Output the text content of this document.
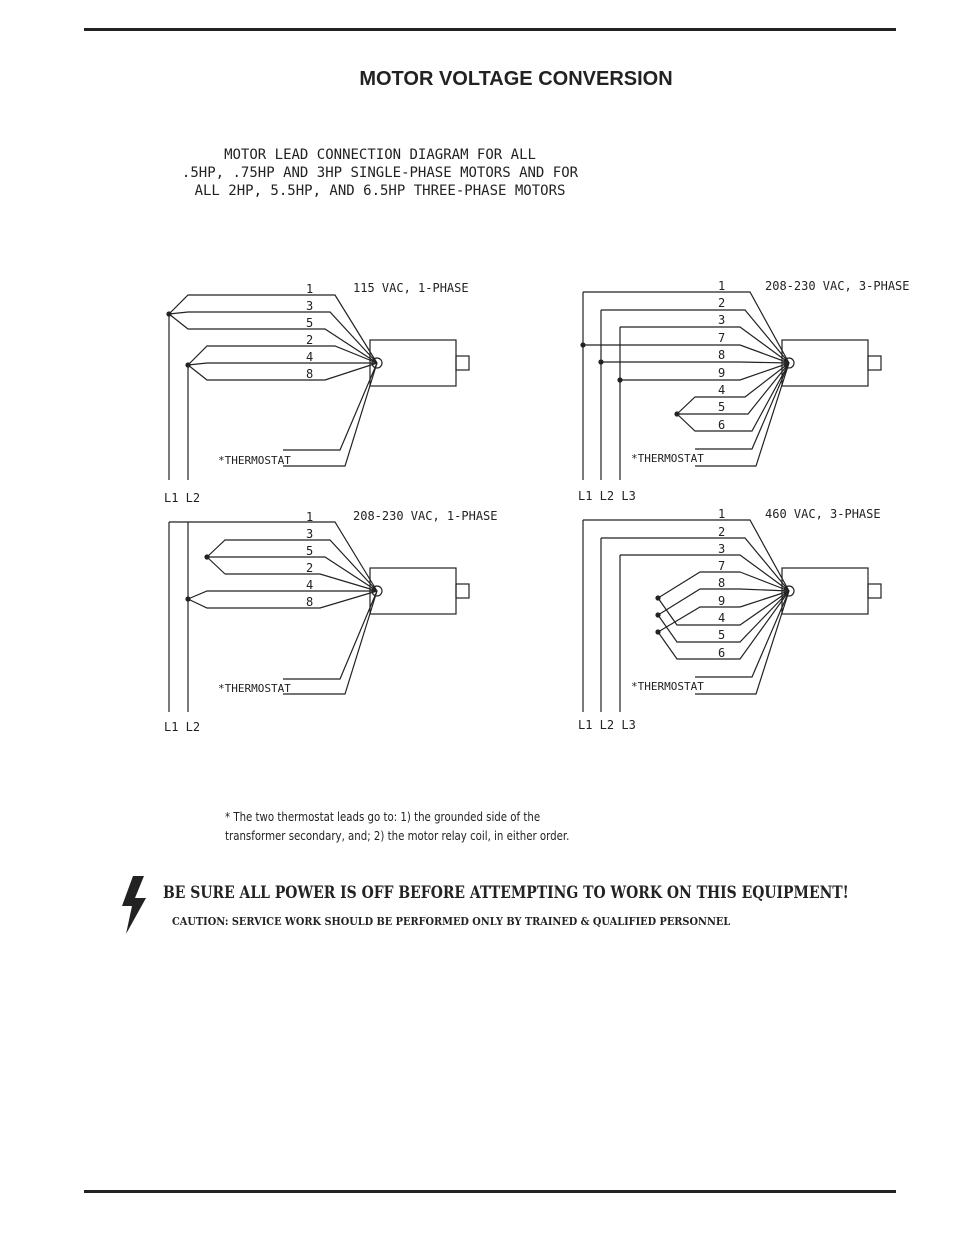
MOTOR VOLTAGE CONVERSION
MOTOR LEAD CONNECTION DIAGRAM FOR ALL
.5HP, .75HP AND 3HP SINGLE-PHASE MOTORS AND FOR
ALL 2HP, 5.5HP, AND 6.5HP THREE-PHASE MOTORS
1
3
5
2
4
8
115 VAC, 1-PHASE
*THERMOSTAT
L1 L2
1
2
3
7
8
9
4
5
6
208-230 VAC, 3-PHASE
*THERMOSTAT
L1 L2 L3
1
3
5
2
4
8
208-230 VAC, 1-PHASE
*THERMOSTAT
L1 L2
1
2
3
7
8
9
4
5
6
460 VAC, 3-PHASE
*THERMOSTAT
L1 L2 L3
* The two thermostat leads go to: 1) the grounded side of the
transformer secondary, and; 2) the motor relay coil, in either order.
BE SURE ALL POWER IS OFF BEFORE ATTEMPTING TO WORK ON THIS EQUIPMENT!
CAUTION: SERVICE WORK SHOULD BE PERFORMED ONLY BY TRAINED & QUALIFIED PERSONNEL
